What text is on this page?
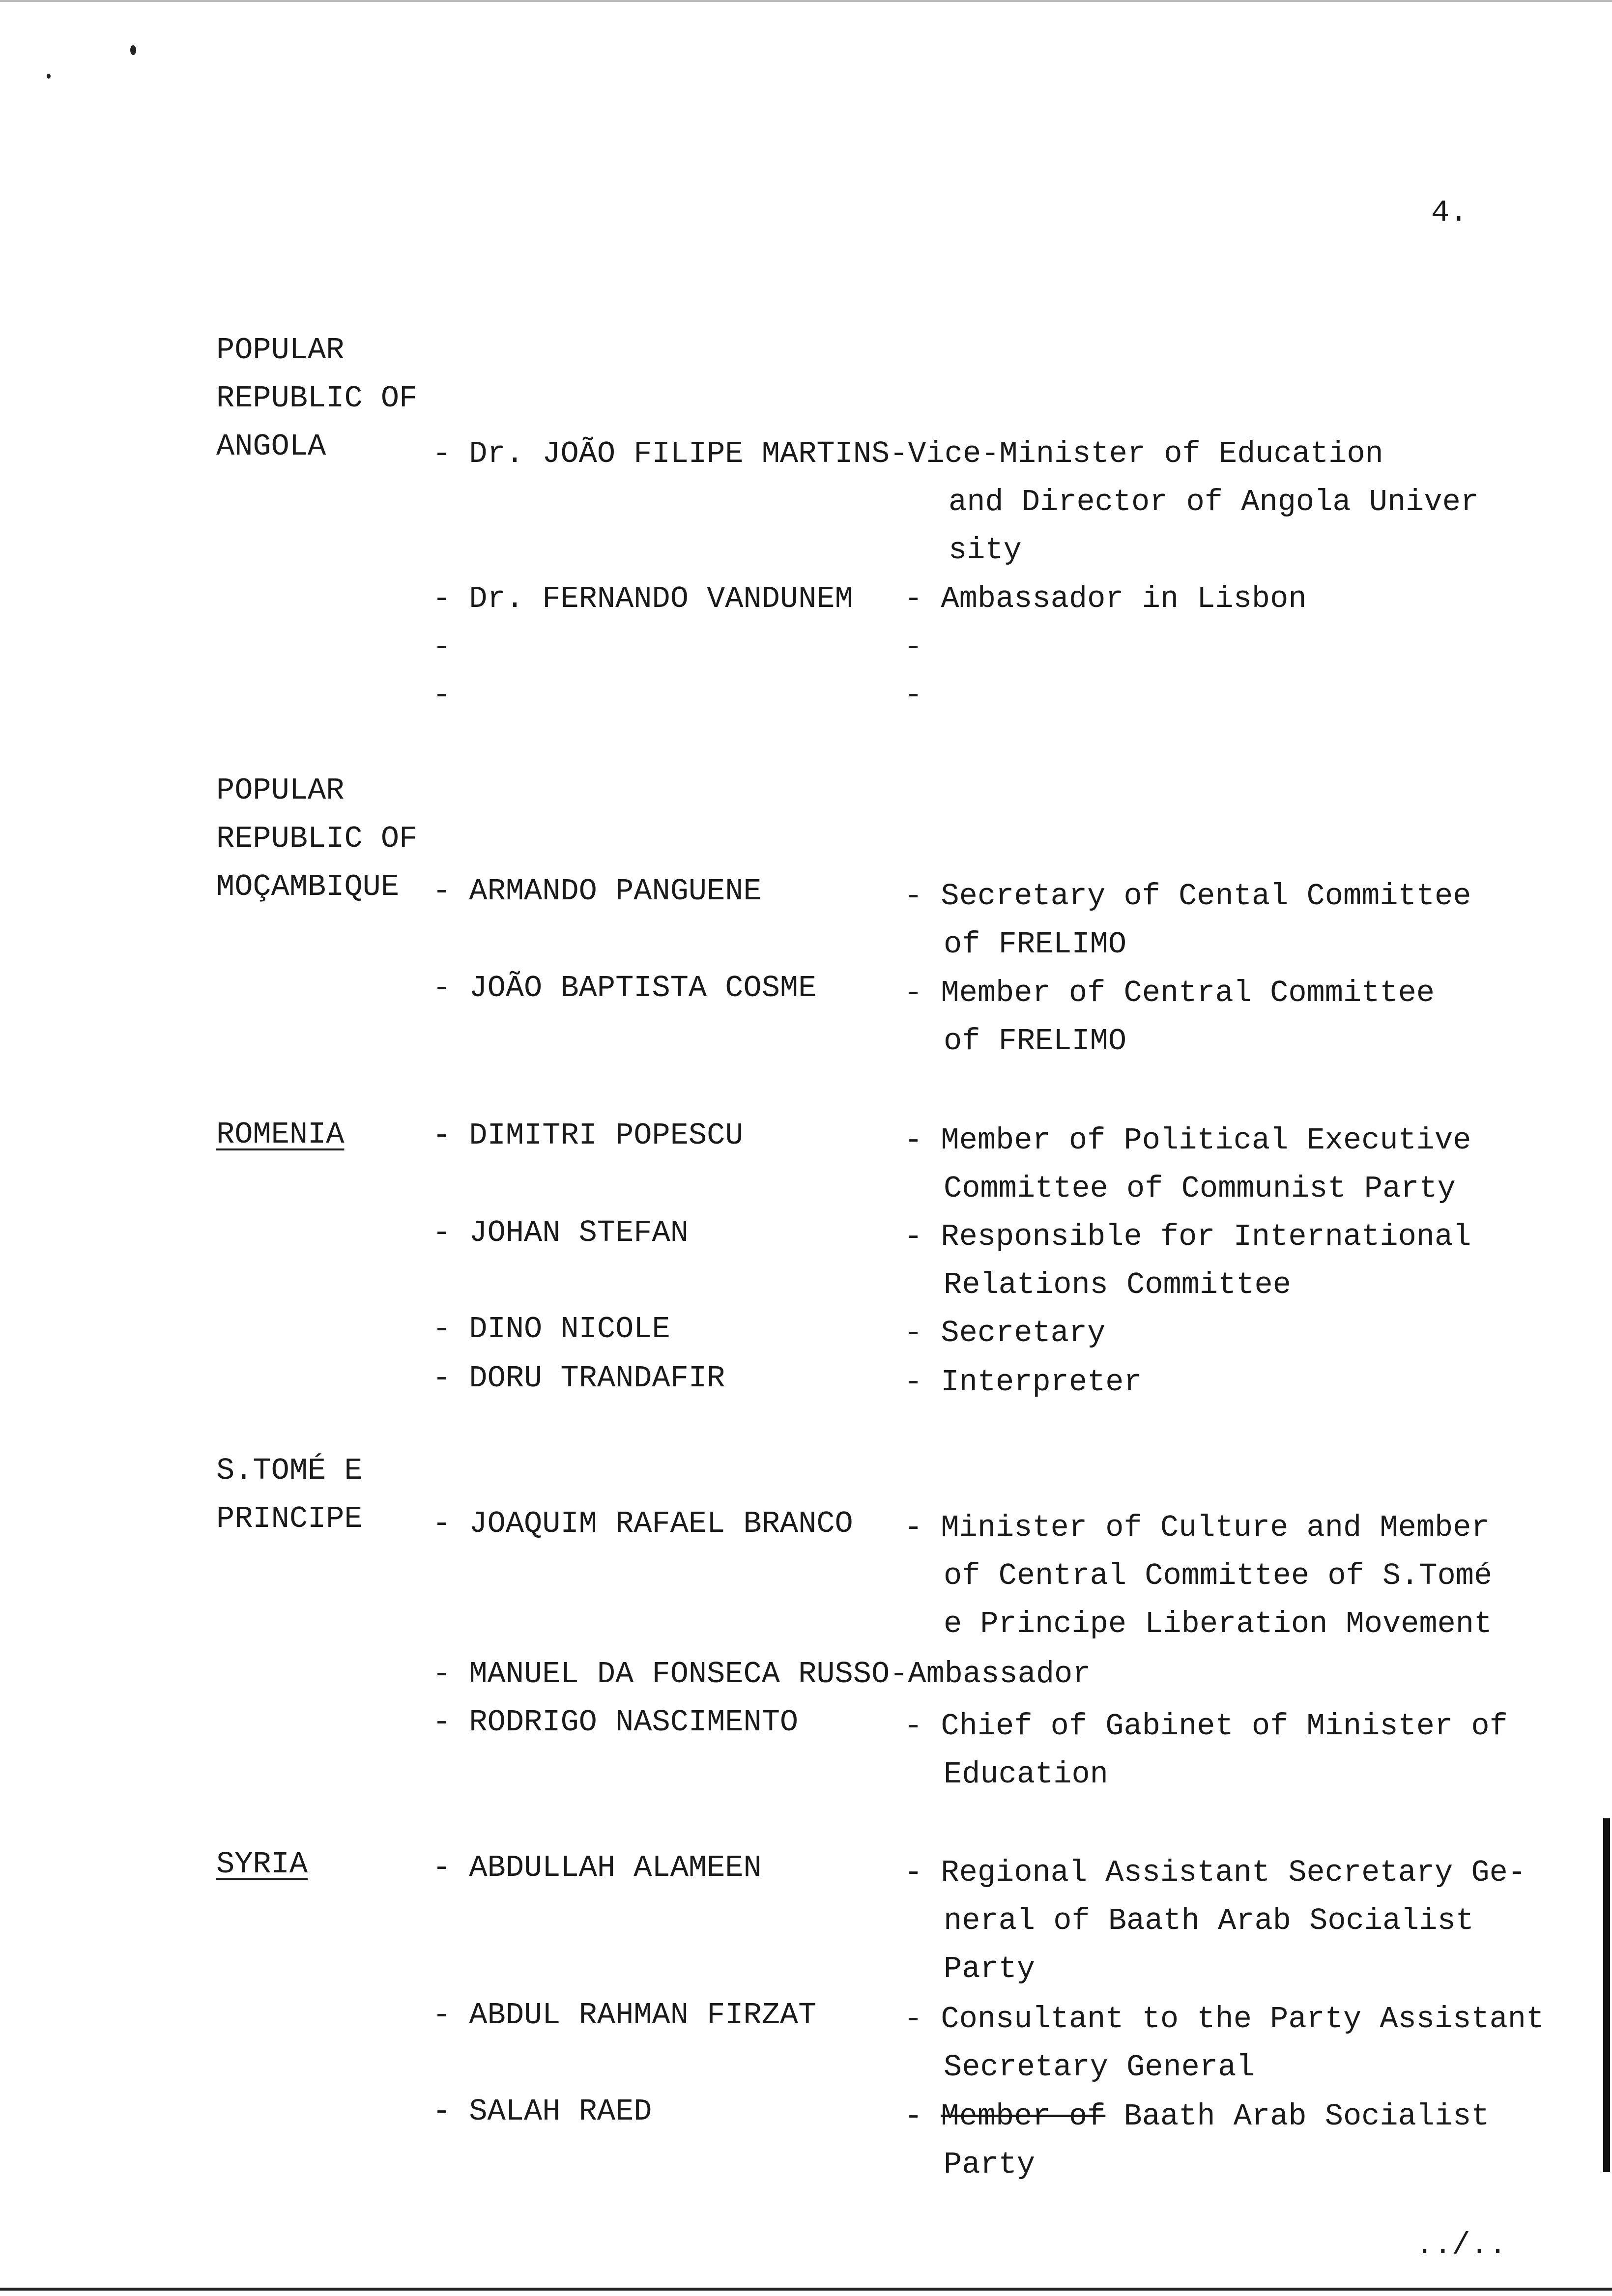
4.
POPULAR
REPUBLIC OF
ANGOLA	- Dr. JOÃO FILIPE MARTINS-Vice-Minister of Education
and Director of Angola Univer
sity
- Dr. FERNANDO VANDUNEM - Ambassador in Lisbon
-	-
-	-
POPULAR
REPUBLIC OF
MOÇAMBIQUE - ARMANDO PANGUENE	- Secretary of Cental Committee
of FRELIMO
- JOÃO BAPTISTA COSME	- Member of Central Committee
of FRELIMO
ROMENIA	- DIMITRI POPESCU	- Member of Political Executive
Committee of Communist Party
- JOHAN STEFAN	- Responsible for International
Relations Committee
- DINO NICOLE	- Secretary
- DORU TRANDAFIR	- Interpreter
S.TOMÉ E
PRINCIPE - JOAQUIM RAFAEL BRANCO - Minister of Culture and Member
of Central Committee of S.Tomé
e Principe Liberation Movement
- MANUEL DA FONSECA RUSSO-Ambassador
- RODRIGO NASCIMENTO	- Chief of Gabinet of Minister of
Education
SYRIA	- ABDULLAH ALAMEEN	- Regional Assistant Secretary Ge-
neral of Baath Arab Socialist
Party
- ABDUL RAHMAN FIRZAT	- Consultant to the Party Assistant
Secretary General
- SALAH RAED	- Member of Baath Arab Socialist
Party
../..
